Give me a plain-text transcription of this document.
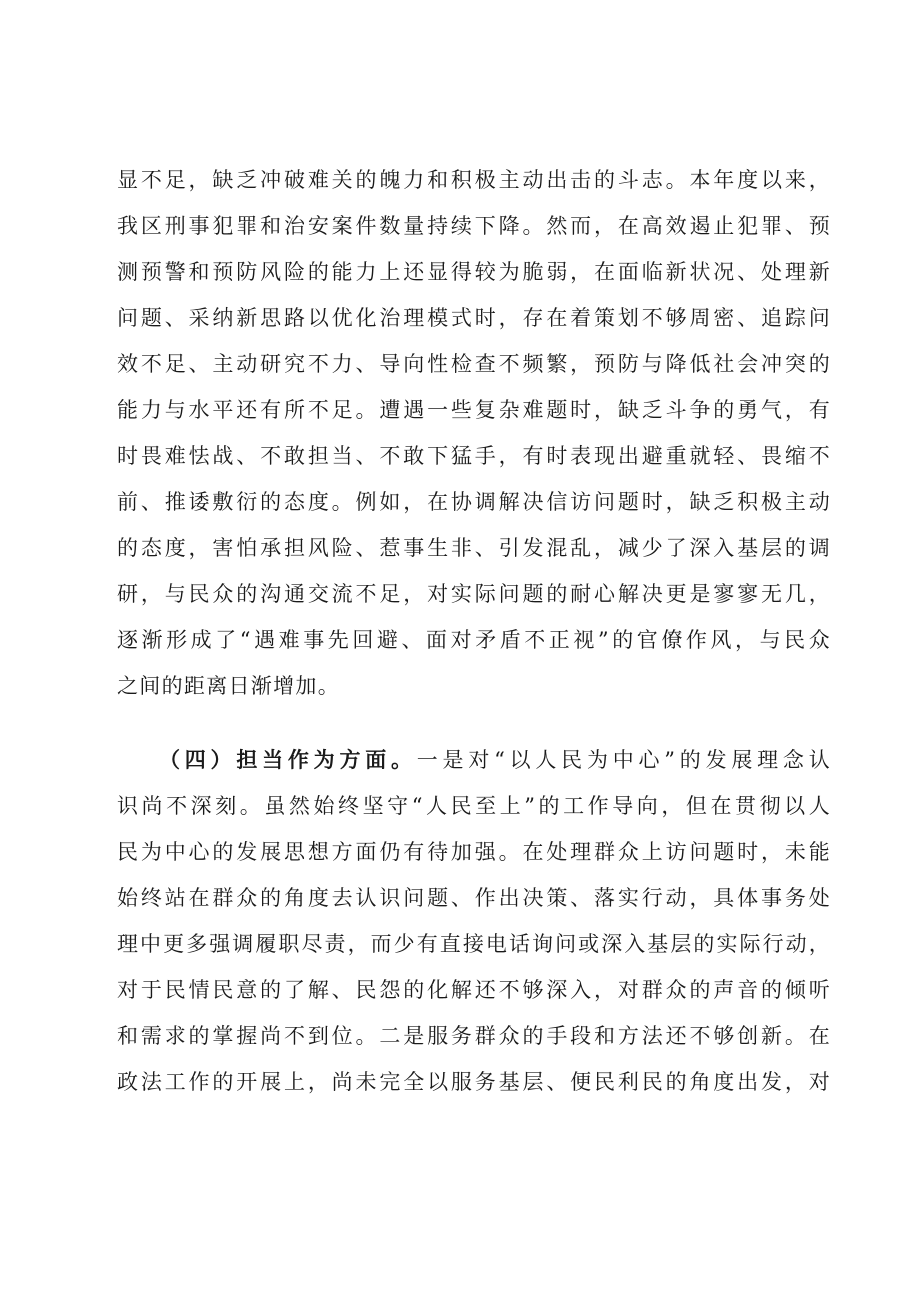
显不足，缺乏冲破难关的魄力和积极主动出击的斗志。本年度以来，
我区刑事犯罪和治安案件数量持续下降。然而，在高效遏止犯罪、预
测预警和预防风险的能力上还显得较为脆弱，在面临新状况、处理新
问题、采纳新思路以优化治理模式时，存在着策划不够周密、追踪问
效不足、主动研究不力、导向性检查不频繁，预防与降低社会冲突的
能力与水平还有所不足。遭遇一些复杂难题时，缺乏斗争的勇气，有
时畏难怯战、不敢担当、不敢下猛手，有时表现出避重就轻、畏缩不
前、推诿敷衍的态度。例如，在协调解决信访问题时，缺乏积极主动
的态度，害怕承担风险、惹事生非、引发混乱，减少了深入基层的调
研，与民众的沟通交流不足，对实际问题的耐心解决更是寥寥无几，
逐渐形成了“遇难事先回避、面对矛盾不正视”的官僚作风，与民众
之间的距离日渐增加。
（四）担当作为方面。一是对“以人民为中心”的发展理念认
识尚不深刻。虽然始终坚守“人民至上”的工作导向，但在贯彻以人
民为中心的发展思想方面仍有待加强。在处理群众上访问题时，未能
始终站在群众的角度去认识问题、作出决策、落实行动，具体事务处
理中更多强调履职尽责，而少有直接电话询问或深入基层的实际行动，
对于民情民意的了解、民怨的化解还不够深入，对群众的声音的倾听
和需求的掌握尚不到位。二是服务群众的手段和方法还不够创新。在
政法工作的开展上，尚未完全以服务基层、便民利民的角度出发，对
